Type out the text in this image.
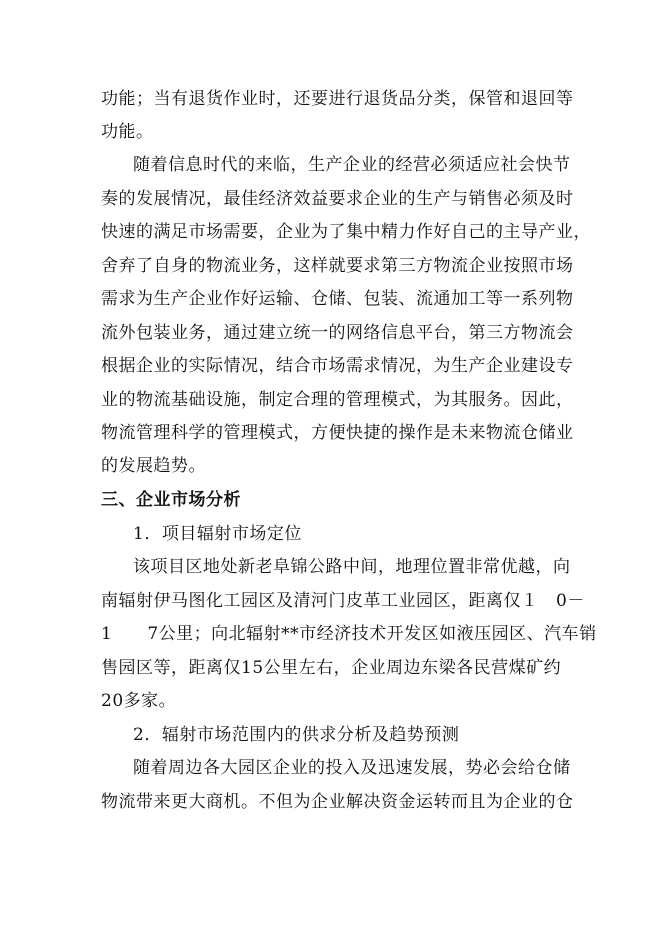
功能；当有退货作业时，还要进行退货品分类，保管和退回等
功能。
随着信息时代的来临，生产企业的经营必须适应社会快节
奏的发展情况，最佳经济效益要求企业的生产与销售必须及时
快速的满足市场需要，企业为了集中精力作好自己的主导产业，
舍弃了自身的物流业务，这样就要求第三方物流企业按照市场
需求为生产企业作好运输、仓储、包装、流通加工等一系列物
流外包装业务，通过建立统一的网络信息平台，第三方物流会
根据企业的实际情况，结合市场需求情况，为生产企业建设专
业的物流基础设施，制定合理的管理模式，为其服务。因此，
物流管理科学的管理模式，方便快捷的操作是未来物流仓储业
的发展趋势。
三、企业市场分析
1．项目辐射市场定位
该项目区地处新老阜锦公路中间，地理位置非常优越，向
南辐射伊马图化工园区及清河门皮革工业园区，距离仅１　0－
1　　7公里；向北辐射**市经济技术开发区如液压园区、汽车销
售园区等，距离仅15公里左右，企业周边东梁各民营煤矿约
20多家。
2．辐射市场范围内的供求分析及趋势预测
随着周边各大园区企业的投入及迅速发展，势必会给仓储
物流带来更大商机。不但为企业解决资金运转而且为企业的仓
